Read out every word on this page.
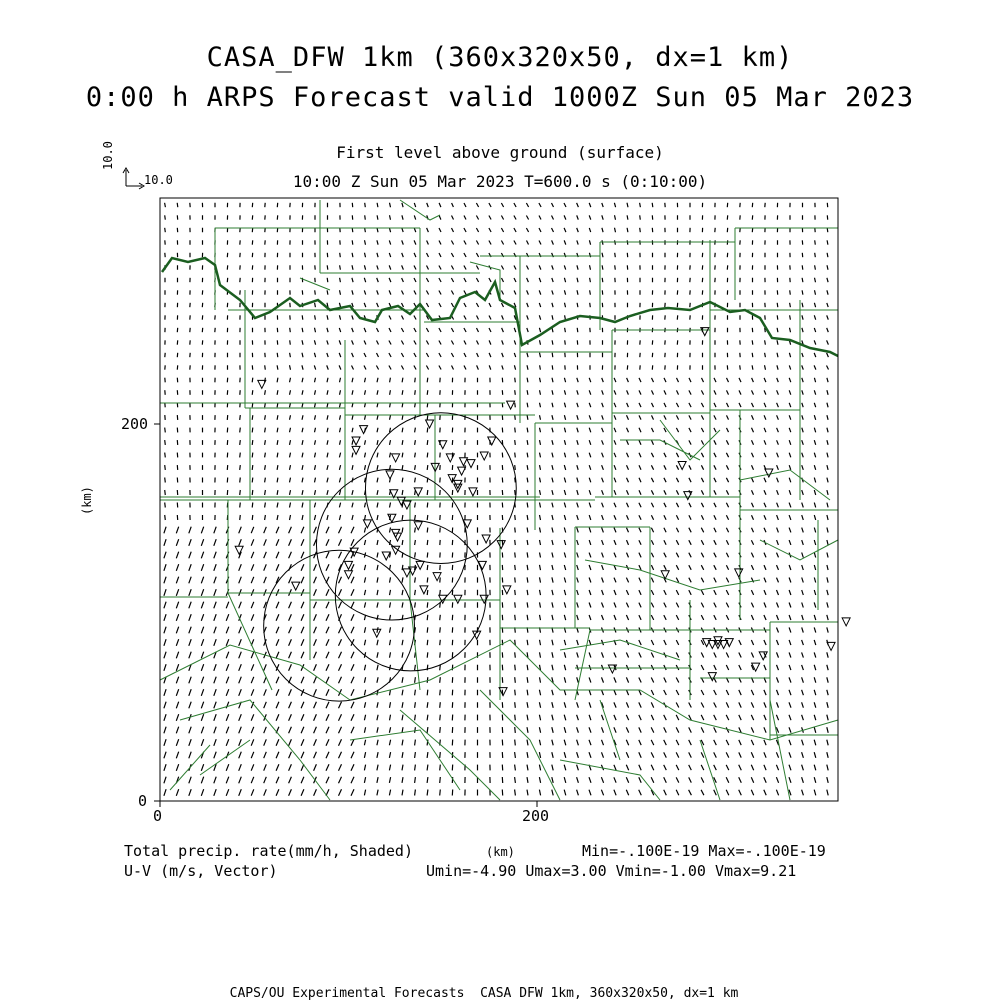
CASA_DFW 1km (360x320x50, dx=1 km)
0:00 h ARPS Forecast valid 1000Z Sun 05 Mar 2023
First level above ground (surface)
10:00 Z Sun 05 Mar 2023 T=600.0 s (0:10:00)
10.0
10.0
0	200
0
200
(km)
(km)
Total precip. rate(mm/h, Shaded)	Min=-.100E-19 Max=-.100E-19
U-V (m/s, Vector)	Umin=-4.90 Umax=3.00 Vmin=-1.00 Vmax=9.21
CAPS/OU Experimental Forecasts  CASA DFW 1km, 360x320x50, dx=1 km
